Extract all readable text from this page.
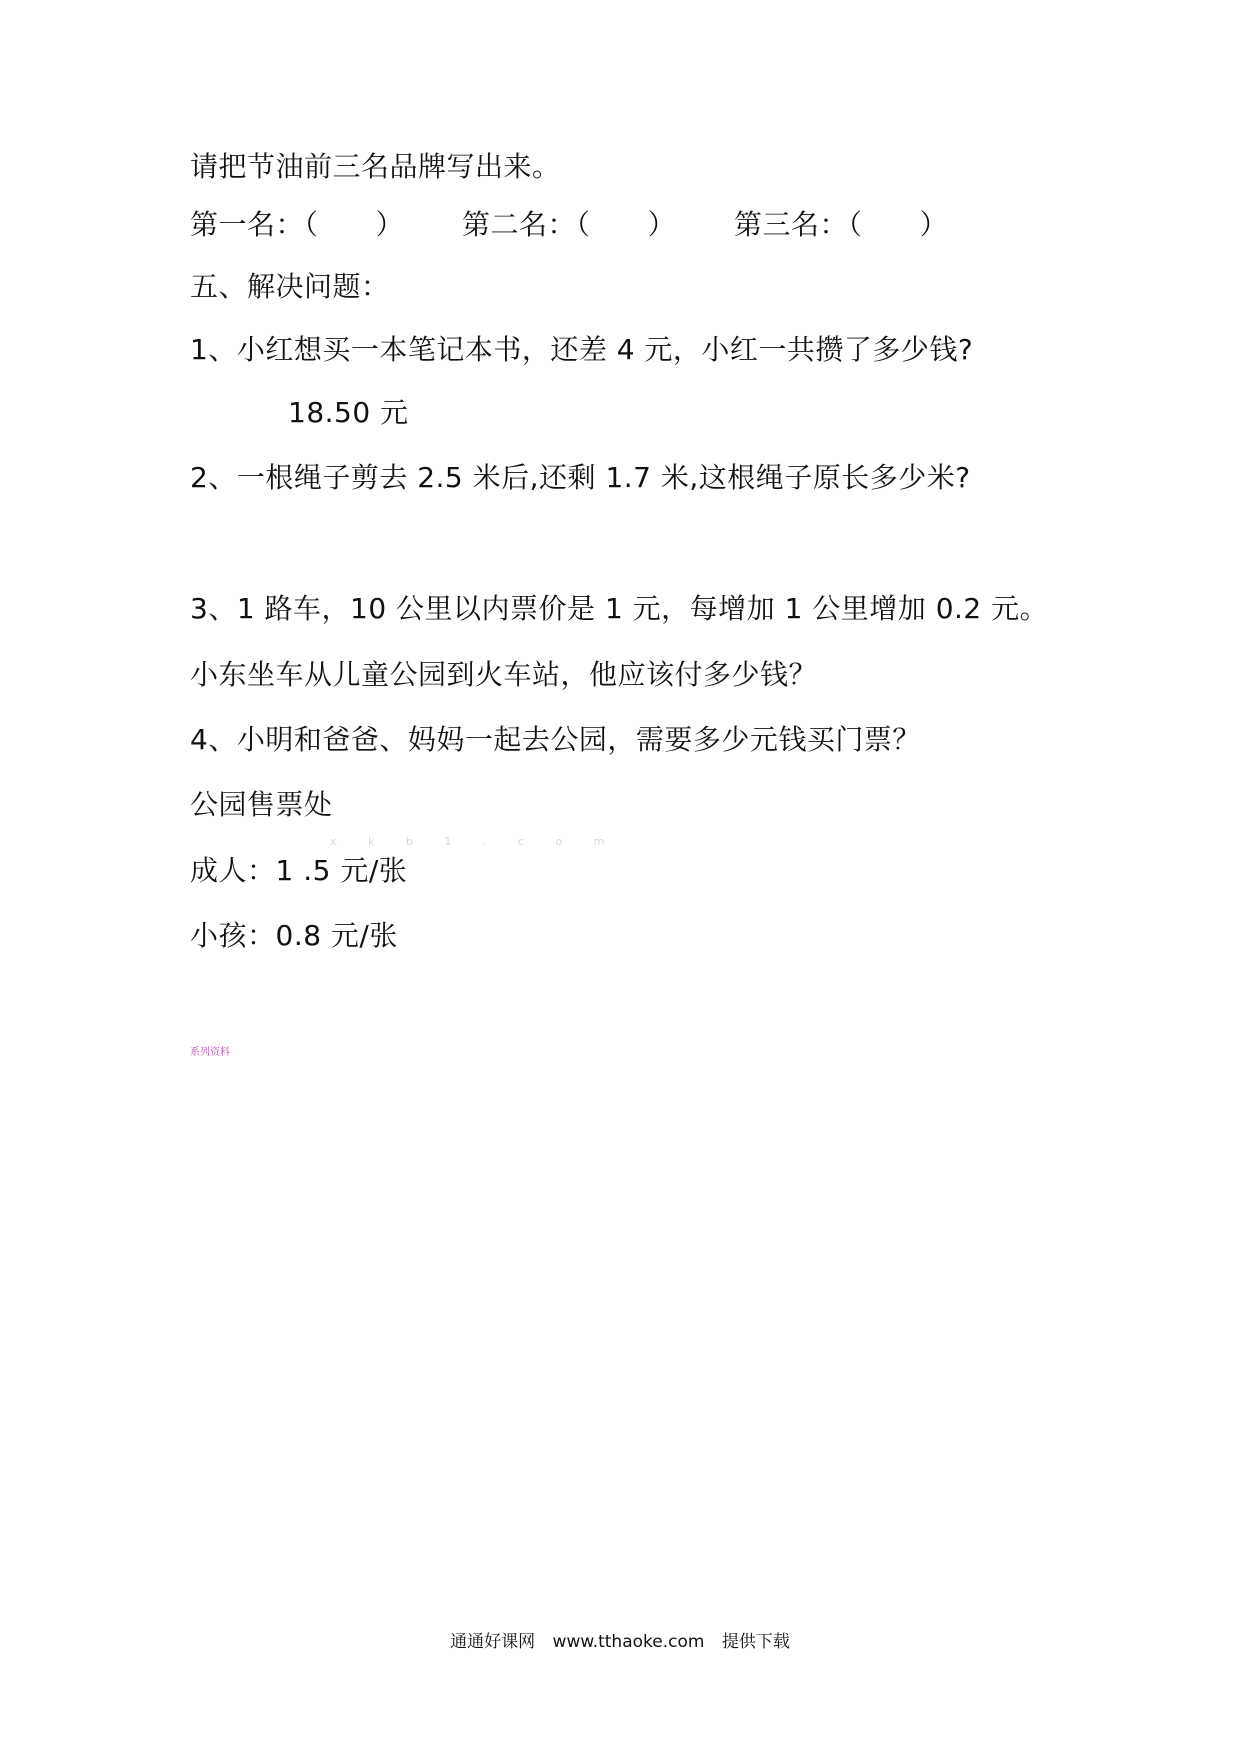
请把节油前三名品牌写出来。
第一名：（　　） 第二名：（　　） 第三名：（　　）
五、解决问题：
1、小红想买一本笔记本书，还差 4 元，小红一共攒了多少钱?
18.50 元
2、一根绳子剪去 2.5 米后,还剩 1.7 米,这根绳子原长多少米?
3、1 路车，10 公里以内票价是 1 元，每增加 1 公里增加 0.2 元。
小东坐车从儿童公园到火车站，他应该付多少钱？
4、小明和爸爸、妈妈一起去公园，需要多少元钱买门票？
公园售票处
x k b 1 . c o m
成人：1 .5 元/张
小孩：0.8 元/张
系列资料
通通好课网 www.tthaoke.com 提供下载
